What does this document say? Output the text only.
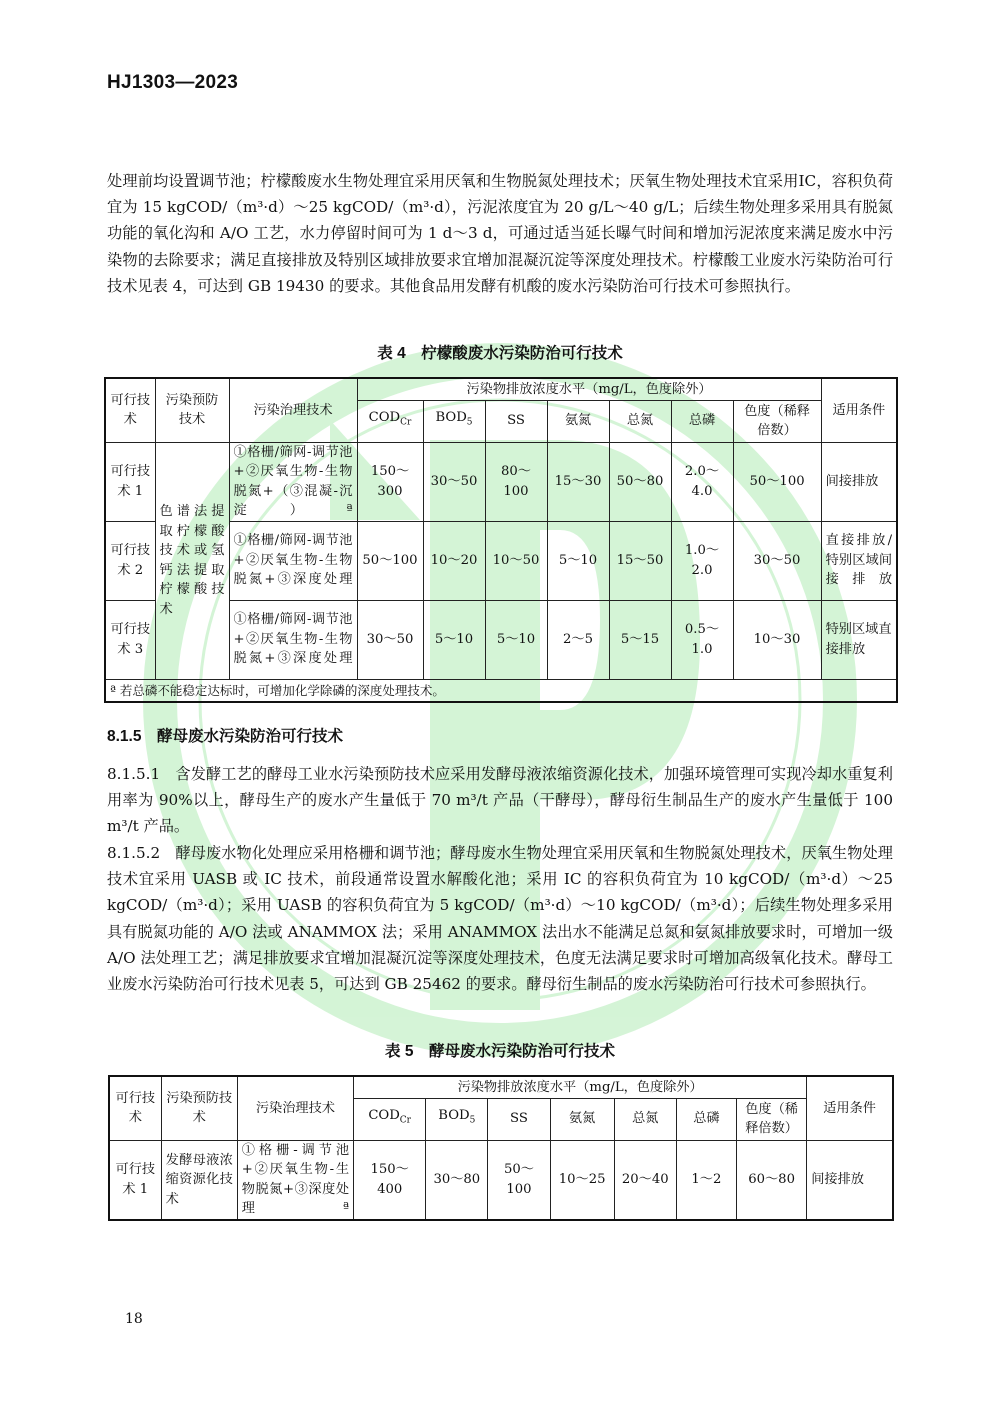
HJ1303—2023

处理前均设置调节池；柠檬酸废水生物处理宜采用厌氧和生物脱氮处理技术；厌氧生物处理技术宜采用IC，容积负荷宜为 15 kgCOD/（m³·d）～25 kgCOD/（m³·d），污泥浓度宜为 20 g/L～40 g/L；后续生物处理多采用具有脱氮功能的氧化沟和 A/O 工艺，水力停留时间可为 1 d～3 d，可通过适当延长曝气时间和增加污泥浓度来满足废水中污染物的去除要求；满足直接排放及特别区域排放要求宜增加混凝沉淀等深度处理技术。柠檬酸工业废水污染防治可行技术见表 4，可达到 GB 19430 的要求。其他食品用发酵有机酸的废水污染防治可行技术可参照执行。

表 4　柠檬酸废水污染防治可行技术
可行技术	污染预防技术	污染治理技术	污染物排放浓度水平（mg/L，色度除外）							适用条件
			$COD_{Cr}$	$BOD_5$	SS	氨氮	总氮	总磷	色度（稀释倍数）	
可行技术 1	色谱法提取柠檬酸技术或氢钙法提取柠檬酸技术	①格栅/筛网-调节池+②厌氧生物-生物脱氮+（③混凝-沉淀）ª	150～300	30～50	80～100	15～30	50～80	2.0～4.0	50～100	间接排放
可行技术 2		①格栅/筛网-调节池+②厌氧生物-生物脱氮+③深度处理	50～100	10～20	10～50	5～10	15～50	1.0～2.0	30～50	直接排放/特别区域间接排放
可行技术 3		①格栅/筛网-调节池+②厌氧生物-生物脱氮+③深度处理	30～50	5～10	5～10	2～5	5～15	0.5～1.0	10～30	特别区域直接排放
ª 若总磷不能稳定达标时，可增加化学除磷的深度处理技术。										
8.1.5　酵母废水污染防治可行技术

8.1.5.1　含发酵工艺的酵母工业水污染预防技术应采用发酵母液浓缩资源化技术，加强环境管理可实现冷却水重复利用率为 90%以上，酵母生产的废水产生量低于 70 m³/t 产品（干酵母），酵母衍生制品生产的废水产生量低于 100 m³/t 产品。

8.1.5.2　酵母废水物化处理应采用格栅和调节池；酵母废水生物处理宜采用厌氧和生物脱氮处理技术，厌氧生物处理技术宜采用 UASB 或 IC 技术，前段通常设置水解酸化池；采用 IC 的容积负荷宜为 10 kgCOD/（m³·d）～25 kgCOD/（m³·d）；采用 UASB 的容积负荷宜为 5 kgCOD/（m³·d）～10 kgCOD/（m³·d）；后续生物处理多采用具有脱氮功能的 A/O 法或 ANAMMOX 法；采用 ANAMMOX 法出水不能满足总氮和氨氮排放要求时，可增加一级 A/O 法处理工艺；满足排放要求宜增加混凝沉淀等深度处理技术，色度无法满足要求时可增加高级氧化技术。酵母工业废水污染防治可行技术见表 5，可达到 GB 25462 的要求。酵母衍生制品的废水污染防治可行技术可参照执行。

表 5　酵母废水污染防治可行技术
可行技术	污染预防技术	污染治理技术	污染物排放浓度水平（mg/L，色度除外）							适用条件
			$COD_{Cr}$	$BOD_5$	SS	氨氮	总氮	总磷	色度（稀释倍数）	
可行技术 1	发酵母液浓缩资源化技术	①格栅-调节池+②厌氧生物-生物脱氮+③深度处理ª	150～400	30～80	50～100	10～25	20～40	1～2	60～80	间接排放
18
